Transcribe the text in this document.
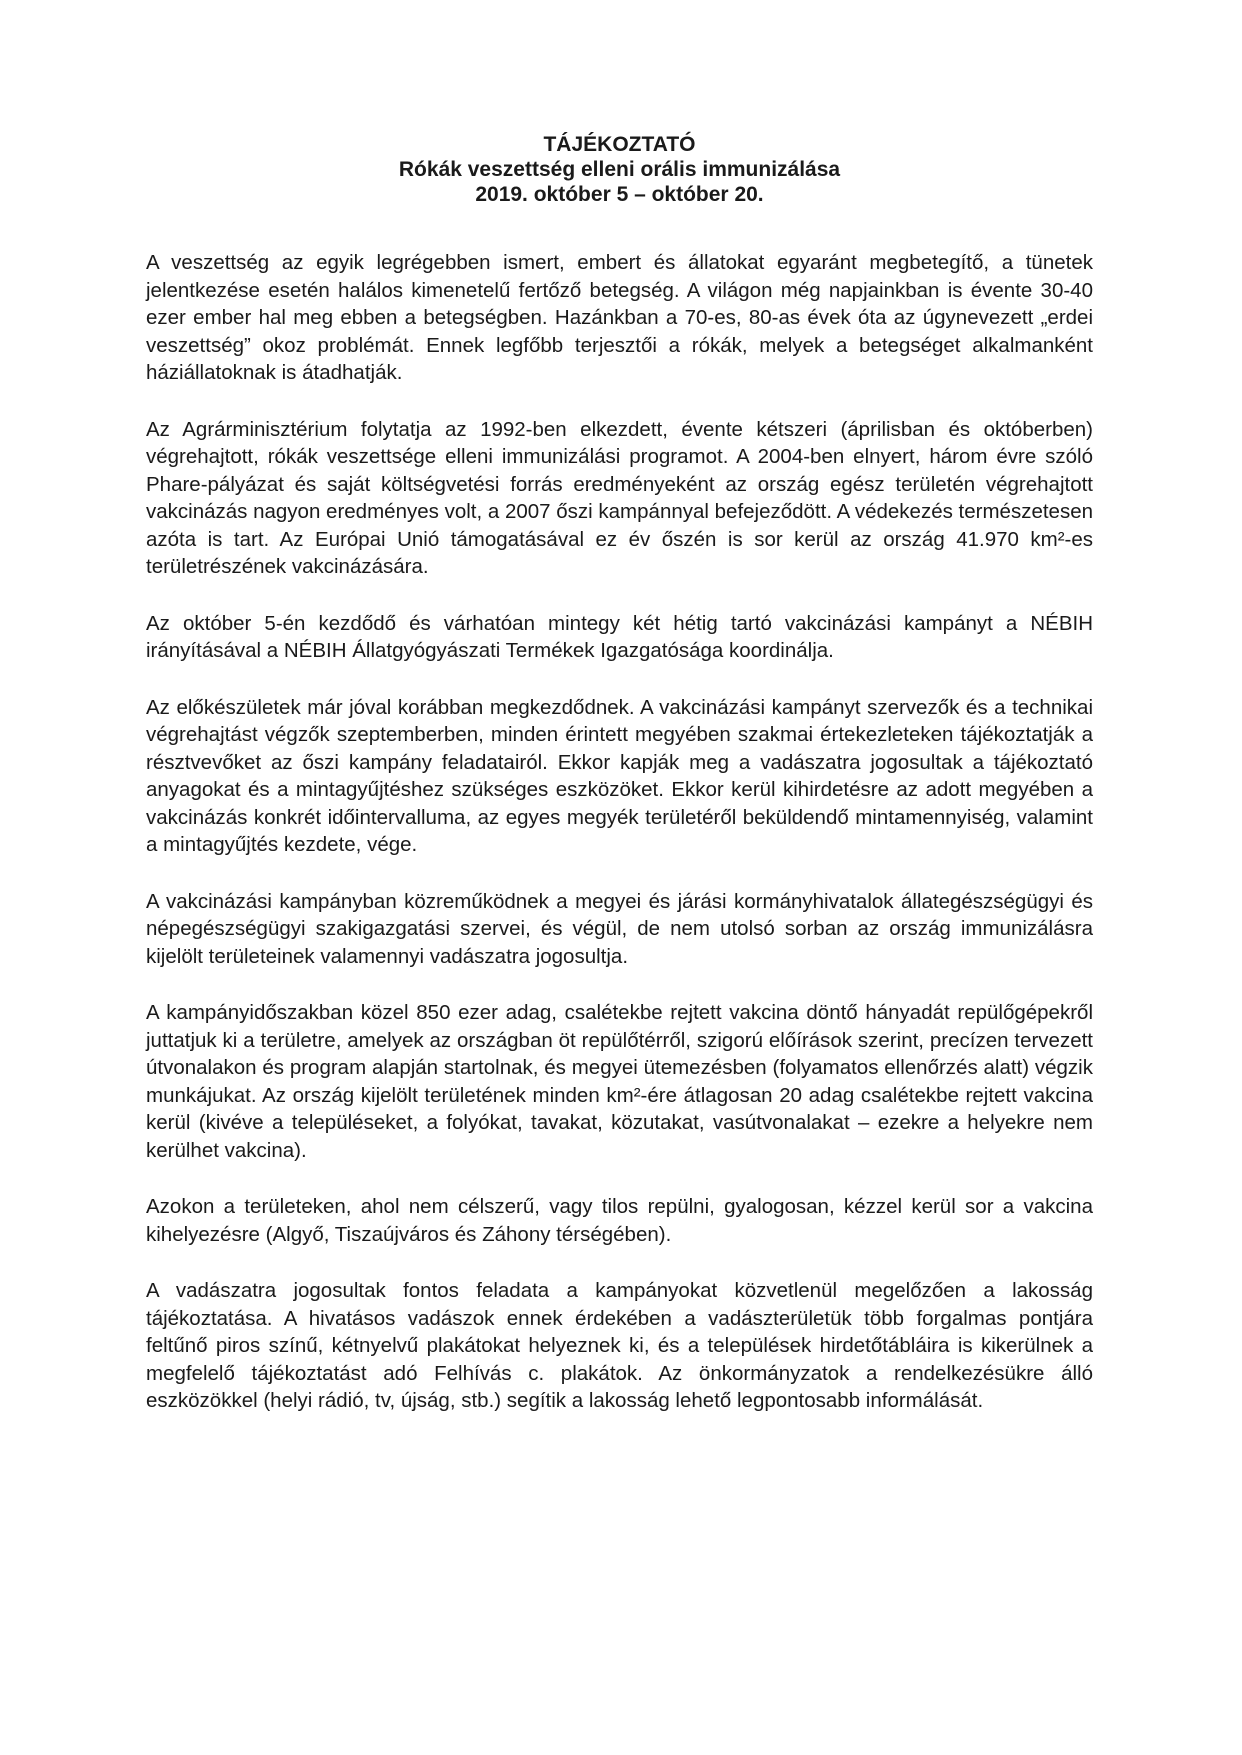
TÁJÉKOZTATÓ
Rókák veszettség elleni orális immunizálása
2019. október 5 – október 20.

A veszettség az egyik legrégebben ismert, embert és állatokat egyaránt megbetegítő, a tünetek jelentkezése esetén halálos kimenetelű fertőző betegség. A világon még napjainkban is évente 30-40 ezer ember hal meg ebben a betegségben. Hazánkban a 70-es, 80-as évek óta az úgynevezett „erdei veszettség” okoz problémát. Ennek legfőbb terjesztői a rókák, melyek a betegséget alkalmanként háziállatoknak is átadhatják.

Az Agrárminisztérium folytatja az 1992-ben elkezdett, évente kétszeri (áprilisban és októberben) végrehajtott, rókák veszettsége elleni immunizálási programot. A 2004-ben elnyert, három évre szóló Phare-pályázat és saját költségvetési forrás eredményeként az ország egész területén végrehajtott vakcinázás nagyon eredményes volt, a 2007 őszi kampánnyal befejeződött. A védekezés természetesen azóta is tart. Az Európai Unió támogatásával ez év őszén is sor kerül az ország 41.970 km²-es területrészének vakcinázására.

Az október 5-én kezdődő és várhatóan mintegy két hétig tartó vakcinázási kampányt a NÉBIH irányításával a NÉBIH Állatgyógyászati Termékek Igazgatósága koordinálja.

Az előkészületek már jóval korábban megkezdődnek. A vakcinázási kampányt szervezők és a technikai végrehajtást végzők szeptemberben, minden érintett megyében szakmai értekezleteken tájékoztatják a résztvevőket az őszi kampány feladatairól. Ekkor kapják meg a vadászatra jogosultak a tájékoztató anyagokat és a mintagyűjtéshez szükséges eszközöket. Ekkor kerül kihirdetésre az adott megyében a vakcinázás konkrét időintervalluma, az egyes megyék területéről beküldendő mintamennyiség, valamint a mintagyűjtés kezdete, vége.

A vakcinázási kampányban közreműködnek a megyei és járási kormányhivatalok állategészségügyi és népegészségügyi szakigazgatási szervei, és végül, de nem utolsó sorban az ország immunizálásra kijelölt területeinek valamennyi vadászatra jogosultja.

A kampányidőszakban közel 850 ezer adag, csalétekbe rejtett vakcina döntő hányadát repülőgépekről juttatjuk ki a területre, amelyek az országban öt repülőtérről, szigorú előírások szerint, precízen tervezett útvonalakon és program alapján startolnak, és megyei ütemezésben (folyamatos ellenőrzés alatt) végzik munkájukat. Az ország kijelölt területének minden km²-ére átlagosan 20 adag csalétekbe rejtett vakcina kerül (kivéve a településeket, a folyókat, tavakat, közutakat, vasútvonalakat – ezekre a helyekre nem kerülhet vakcina).

Azokon a területeken, ahol nem célszerű, vagy tilos repülni, gyalogosan, kézzel kerül sor a vakcina kihelyezésre (Algyő, Tiszaújváros és Záhony térségében).

A vadászatra jogosultak fontos feladata a kampányokat közvetlenül megelőzően a lakosság tájékoztatása. A hivatásos vadászok ennek érdekében a vadászterületük több forgalmas pontjára feltűnő piros színű, kétnyelvű plakátokat helyeznek ki, és a települések hirdetőtábláira is kikerülnek a megfelelő tájékoztatást adó Felhívás c. plakátok. Az önkormányzatok a rendelkezésükre álló eszközökkel (helyi rádió, tv, újság, stb.) segítik a lakosság lehető legpontosabb informálását.
